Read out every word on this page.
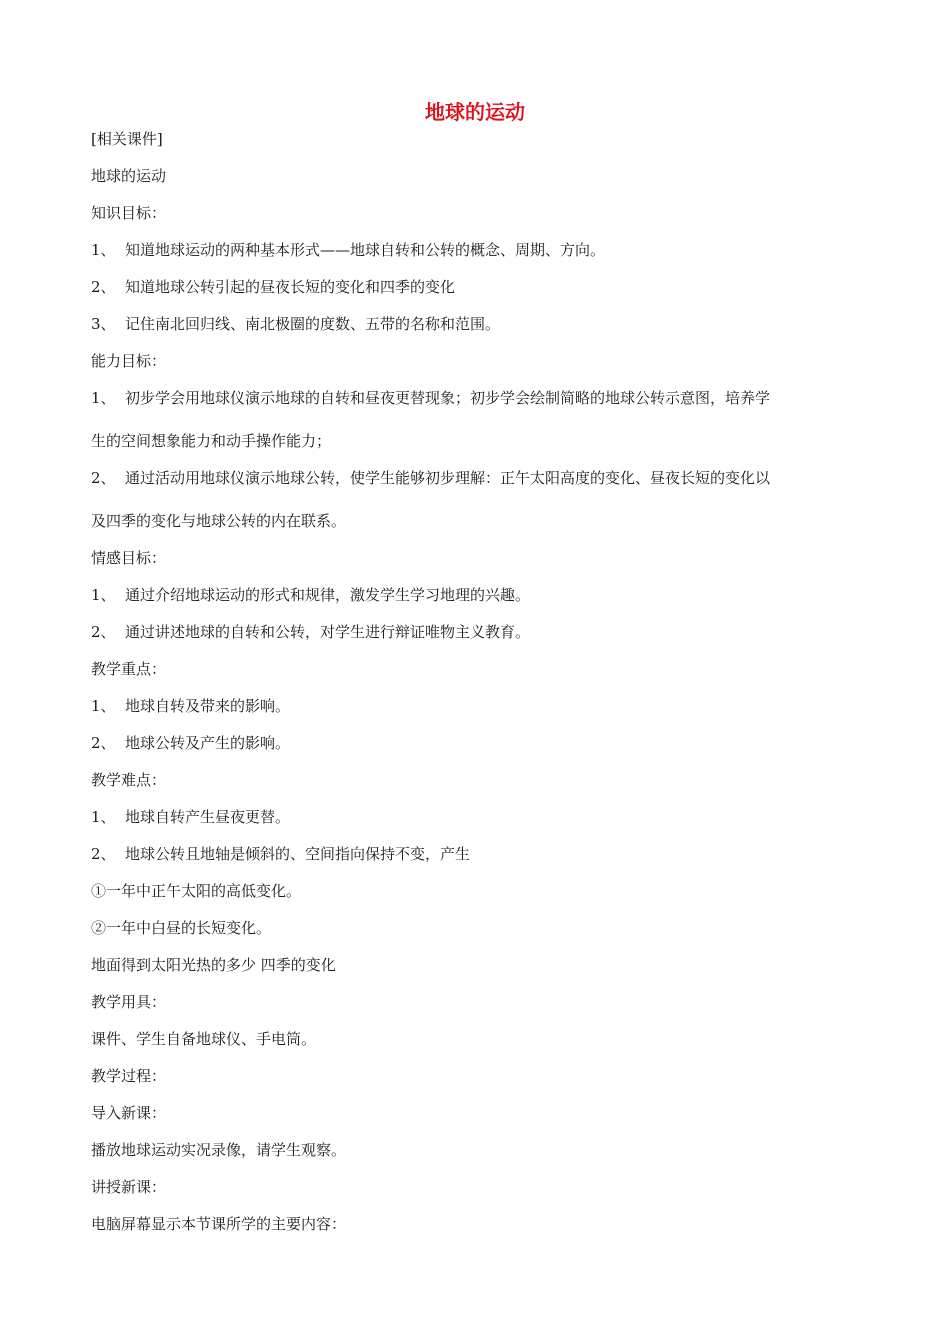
地球的运动
[相关课件]
地球的运动
知识目标：
1、 知道地球运动的两种基本形式——地球自转和公转的概念、周期、方向。
2、 知道地球公转引起的昼夜长短的变化和四季的变化
3、 记住南北回归线、南北极圈的度数、五带的名称和范围。
能力目标：
1、 初步学会用地球仪演示地球的自转和昼夜更替现象；初步学会绘制简略的地球公转示意图，培养学
生的空间想象能力和动手操作能力；
2、 通过活动用地球仪演示地球公转，使学生能够初步理解：正午太阳高度的变化、昼夜长短的变化以
及四季的变化与地球公转的内在联系。
情感目标：
1、 通过介绍地球运动的形式和规律，激发学生学习地理的兴趣。
2、 通过讲述地球的自转和公转，对学生进行辩证唯物主义教育。
教学重点：
1、 地球自转及带来的影响。
2、 地球公转及产生的影响。
教学难点：
1、 地球自转产生昼夜更替。
2、 地球公转且地轴是倾斜的、空间指向保持不变，产生
①一年中正午太阳的高低变化。
②一年中白昼的长短变化。
地面得到太阳光热的多少 四季的变化
教学用具：
课件、学生自备地球仪、手电筒。
教学过程：
导入新课：
播放地球运动实况录像，请学生观察。
讲授新课：
电脑屏幕显示本节课所学的主要内容：
